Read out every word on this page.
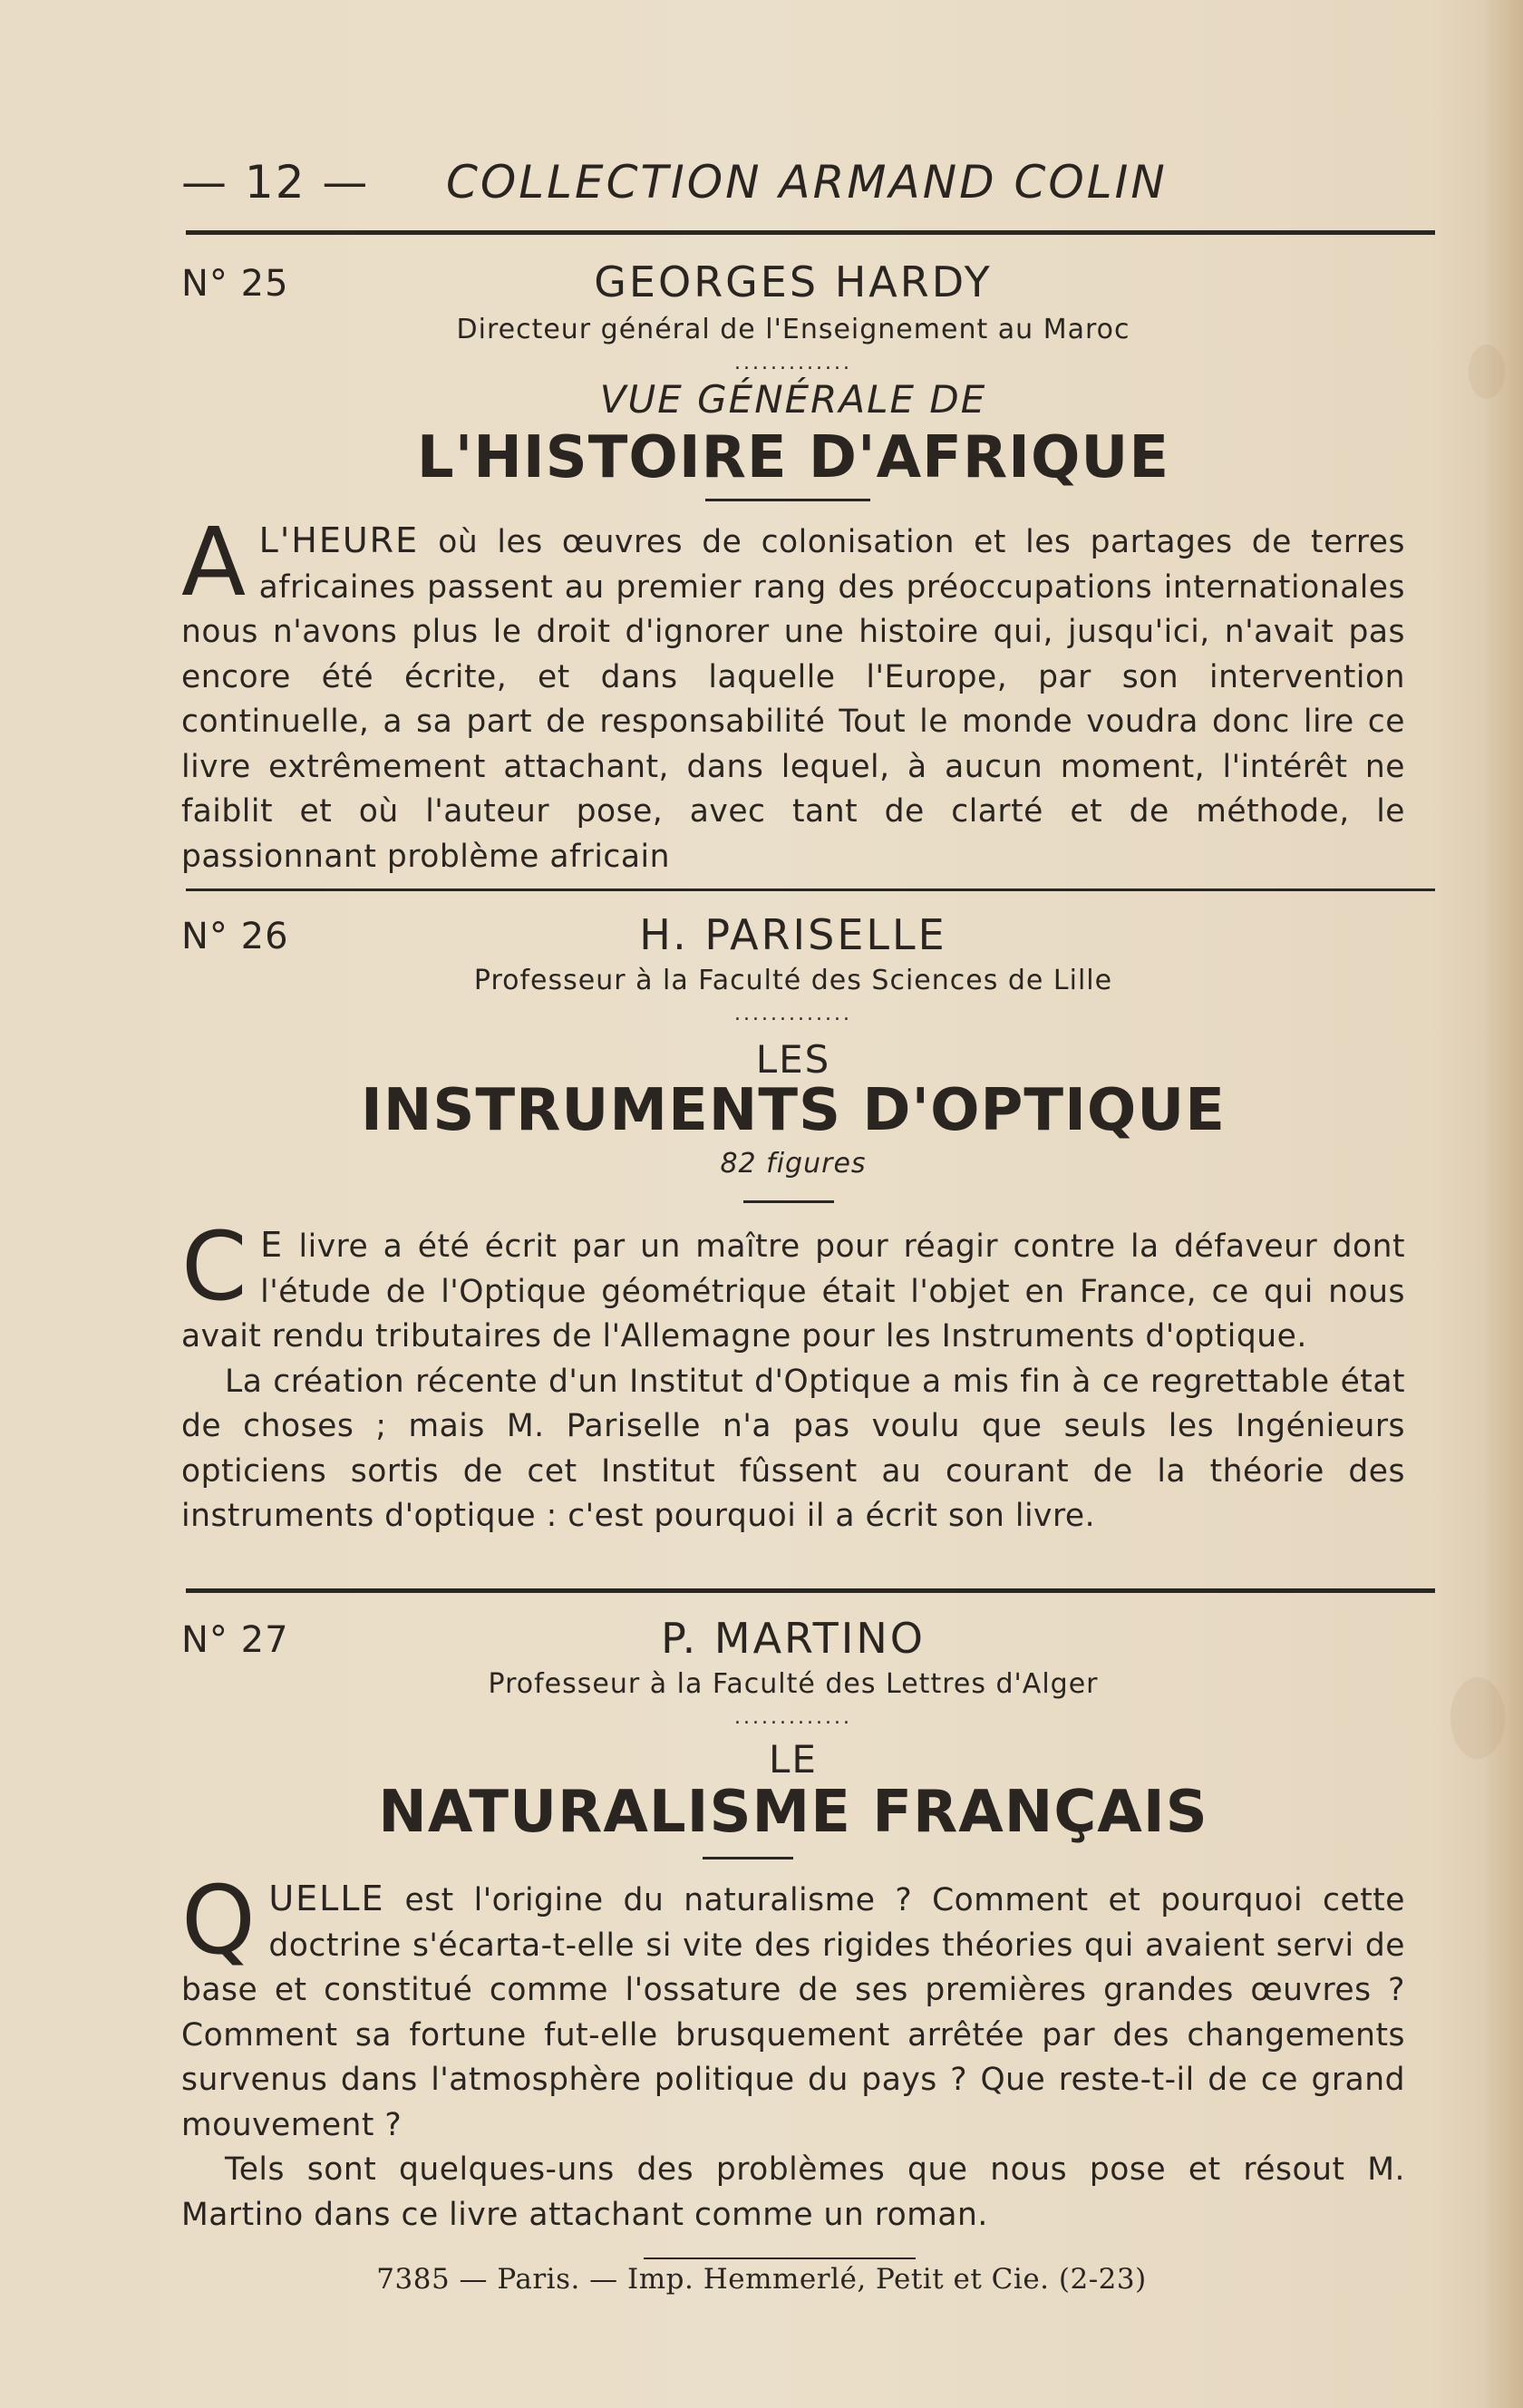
— 12 — COLLECTION ARMAND COLIN
N° 25	GEORGES HARDY
Directeur général de l'Enseignement au Maroc
.............
VUE GÉNÉRALE DE
L'HISTOIRE D'AFRIQUE

A L'HEURE où les œuvres de colonisation et les partages de terres africaines passent au premier rang des préoccupations internationales nous n'avons plus le droit d'ignorer une histoire qui, jusqu'ici, n'avait pas encore été écrite, et dans laquelle l'Europe, par son intervention continuelle, a sa part de responsabilité Tout le monde voudra donc lire ce livre extrêmement attachant, dans lequel, à aucun moment, l'intérêt ne faiblit et où l'auteur pose, avec tant de clarté et de méthode, le passionnant problème africain

N° 26	H. PARISELLE
Professeur à la Faculté des Sciences de Lille
.............
LES
INSTRUMENTS D'OPTIQUE
82 figures

C E livre a été écrit par un maître pour réagir contre la défaveur dont l'étude de l'Optique géométrique était l'objet en France, ce qui nous avait rendu tributaires de l'Allemagne pour les Instruments d'optique.

La création récente d'un Institut d'Optique a mis fin à ce regrettable état de choses ; mais M. Pariselle n'a pas voulu que seuls les Ingénieurs opticiens sortis de cet Institut fûssent au courant de la théorie des instruments d'optique : c'est pourquoi il a écrit son livre.

N° 27	P. MARTINO
Professeur à la Faculté des Lettres d'Alger
.............
LE
NATURALISME FRANÇAIS

QUELLE est l'origine du naturalisme ? Comment et pourquoi cette doctrine s'écarta-t-elle si vite des rigides théories qui avaient servi de base et constitué comme l'ossature de ses premières grandes œuvres ? Comment sa fortune fut-elle brusquement arrêtée par des changements survenus dans l'atmosphère politique du pays ? Que reste-t-il de ce grand mouvement ?

Tels sont quelques-uns des problèmes que nous pose et résout M. Martino dans ce livre attachant comme un roman.

7385 — Paris. — Imp. Hemmerlé, Petit et Cie. (2-23)
